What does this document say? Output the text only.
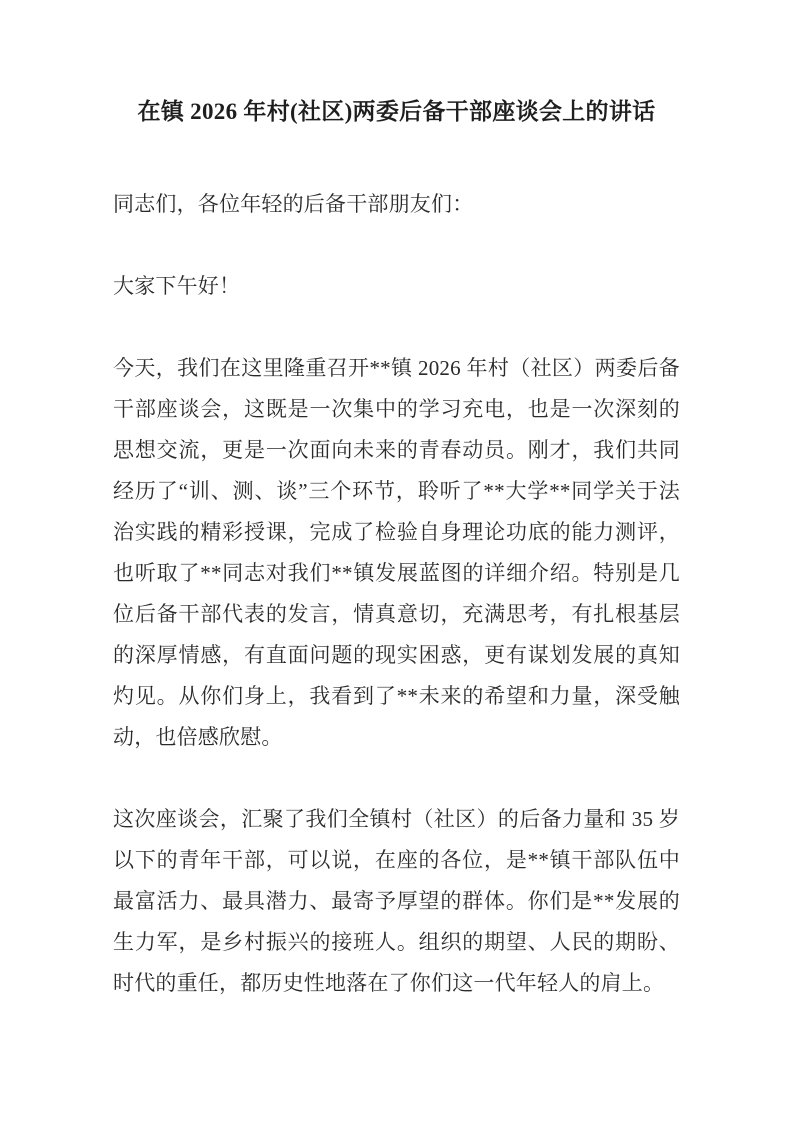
在镇 2026 年村(社区)两委后备干部座谈会上的讲话

同志们，各位年轻的后备干部朋友们：

大家下午好！

今天，我们在这里隆重召开**镇 2026 年村（社区）两委后备干部座谈会，这既是一次集中的学习充电，也是一次深刻的思想交流，更是一次面向未来的青春动员。刚才，我们共同经历了“训、测、谈”三个环节，聆听了**大学**同学关于法治实践的精彩授课，完成了检验自身理论功底的能力测评，也听取了**同志对我们**镇发展蓝图的详细介绍。特别是几位后备干部代表的发言，情真意切，充满思考，有扎根基层的深厚情感，有直面问题的现实困惑，更有谋划发展的真知灼见。从你们身上，我看到了**未来的希望和力量，深受触动，也倍感欣慰。

这次座谈会，汇聚了我们全镇村（社区）的后备力量和 35 岁以下的青年干部，可以说，在座的各位，是**镇干部队伍中最富活力、最具潜力、最寄予厚望的群体。你们是**发展的生力军，是乡村振兴的接班人。组织的期望、人民的期盼、时代的重任，都历史性地落在了你们这一代年轻人的肩上。
